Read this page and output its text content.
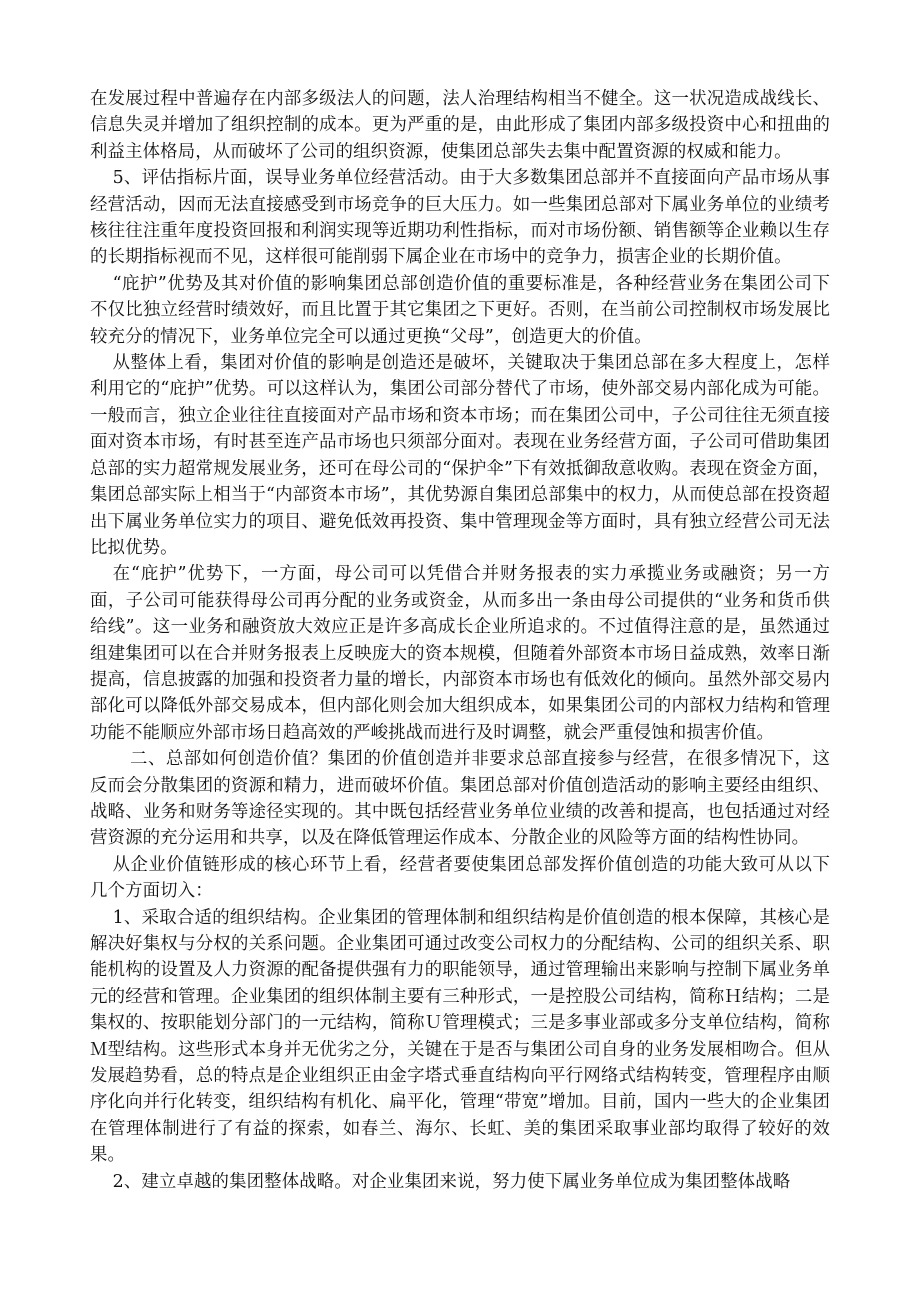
在发展过程中普遍存在内部多级法人的问题，法人治理结构相当不健全。这一状况造成战线长、信息失灵并增加了组织控制的成本。更为严重的是，由此形成了集团内部多级投资中心和扭曲的利益主体格局，从而破坏了公司的组织资源，使集团总部失去集中配置资源的权威和能力。

5、评估指标片面，误导业务单位经营活动。由于大多数集团总部并不直接面向产品市场从事经营活动，因而无法直接感受到市场竞争的巨大压力。如一些集团总部对下属业务单位的业绩考核往往注重年度投资回报和利润实现等近期功利性指标，而对市场份额、销售额等企业赖以生存的长期指标视而不见，这样很可能削弱下属企业在市场中的竞争力，损害企业的长期价值。

“庇护”优势及其对价值的影响集团总部创造价值的重要标准是，各种经营业务在集团公司下不仅比独立经营时绩效好，而且比置于其它集团之下更好。否则，在当前公司控制权市场发展比较充分的情况下，业务单位完全可以通过更换“父母”，创造更大的价值。

从整体上看，集团对价值的影响是创造还是破坏，关键取决于集团总部在多大程度上，怎样利用它的“庇护”优势。可以这样认为，集团公司部分替代了市场，使外部交易内部化成为可能。一般而言，独立企业往往直接面对产品市场和资本市场；而在集团公司中，子公司往往无须直接面对资本市场，有时甚至连产品市场也只须部分面对。表现在业务经营方面，子公司可借助集团总部的实力超常规发展业务，还可在母公司的“保护伞”下有效抵御敌意收购。表现在资金方面，集团总部实际上相当于“内部资本市场”，其优势源自集团总部集中的权力，从而使总部在投资超出下属业务单位实力的项目、避免低效再投资、集中管理现金等方面时，具有独立经营公司无法比拟优势。

在“庇护”优势下，一方面，母公司可以凭借合并财务报表的实力承揽业务或融资；另一方面，子公司可能获得母公司再分配的业务或资金，从而多出一条由母公司提供的“业务和货币供给线”。这一业务和融资放大效应正是许多高成长企业所追求的。不过值得注意的是，虽然通过组建集团可以在合并财务报表上反映庞大的资本规模，但随着外部资本市场日益成熟，效率日渐提高，信息披露的加强和投资者力量的增长，内部资本市场也有低效化的倾向。虽然外部交易内部化可以降低外部交易成本，但内部化则会加大组织成本，如果集团公司的内部权力结构和管理功能不能顺应外部市场日趋高效的严峻挑战而进行及时调整，就会严重侵蚀和损害价值。

二、总部如何创造价值？集团的价值创造并非要求总部直接参与经营，在很多情况下，这反而会分散集团的资源和精力，进而破坏价值。集团总部对价值创造活动的影响主要经由组织、战略、业务和财务等途径实现的。其中既包括经营业务单位业绩的改善和提高，也包括通过对经营资源的充分运用和共享，以及在降低管理运作成本、分散企业的风险等方面的结构性协同。

从企业价值链形成的核心环节上看，经营者要使集团总部发挥价值创造的功能大致可从以下几个方面切入：

1、采取合适的组织结构。企业集团的管理体制和组织结构是价值创造的根本保障，其核心是解决好集权与分权的关系问题。企业集团可通过改变公司权力的分配结构、公司的组织关系、职能机构的设置及人力资源的配备提供强有力的职能领导，通过管理输出来影响与控制下属业务单元的经营和管理。企业集团的组织体制主要有三种形式，一是控股公司结构，简称Ｈ结构；二是集权的、按职能划分部门的一元结构，简称Ｕ管理模式；三是多事业部或多分支单位结构，简称Ｍ型结构。这些形式本身并无优劣之分，关键在于是否与集团公司自身的业务发展相吻合。但从发展趋势看，总的特点是企业组织正由金字塔式垂直结构向平行网络式结构转变，管理程序由顺序化向并行化转变，组织结构有机化、扁平化，管理“带宽”增加。目前，国内一些大的企业集团在管理体制进行了有益的探索，如春兰、海尔、长虹、美的集团采取事业部均取得了较好的效果。

2、建立卓越的集团整体战略。对企业集团来说，努力使下属业务单位成为集团整体战略
